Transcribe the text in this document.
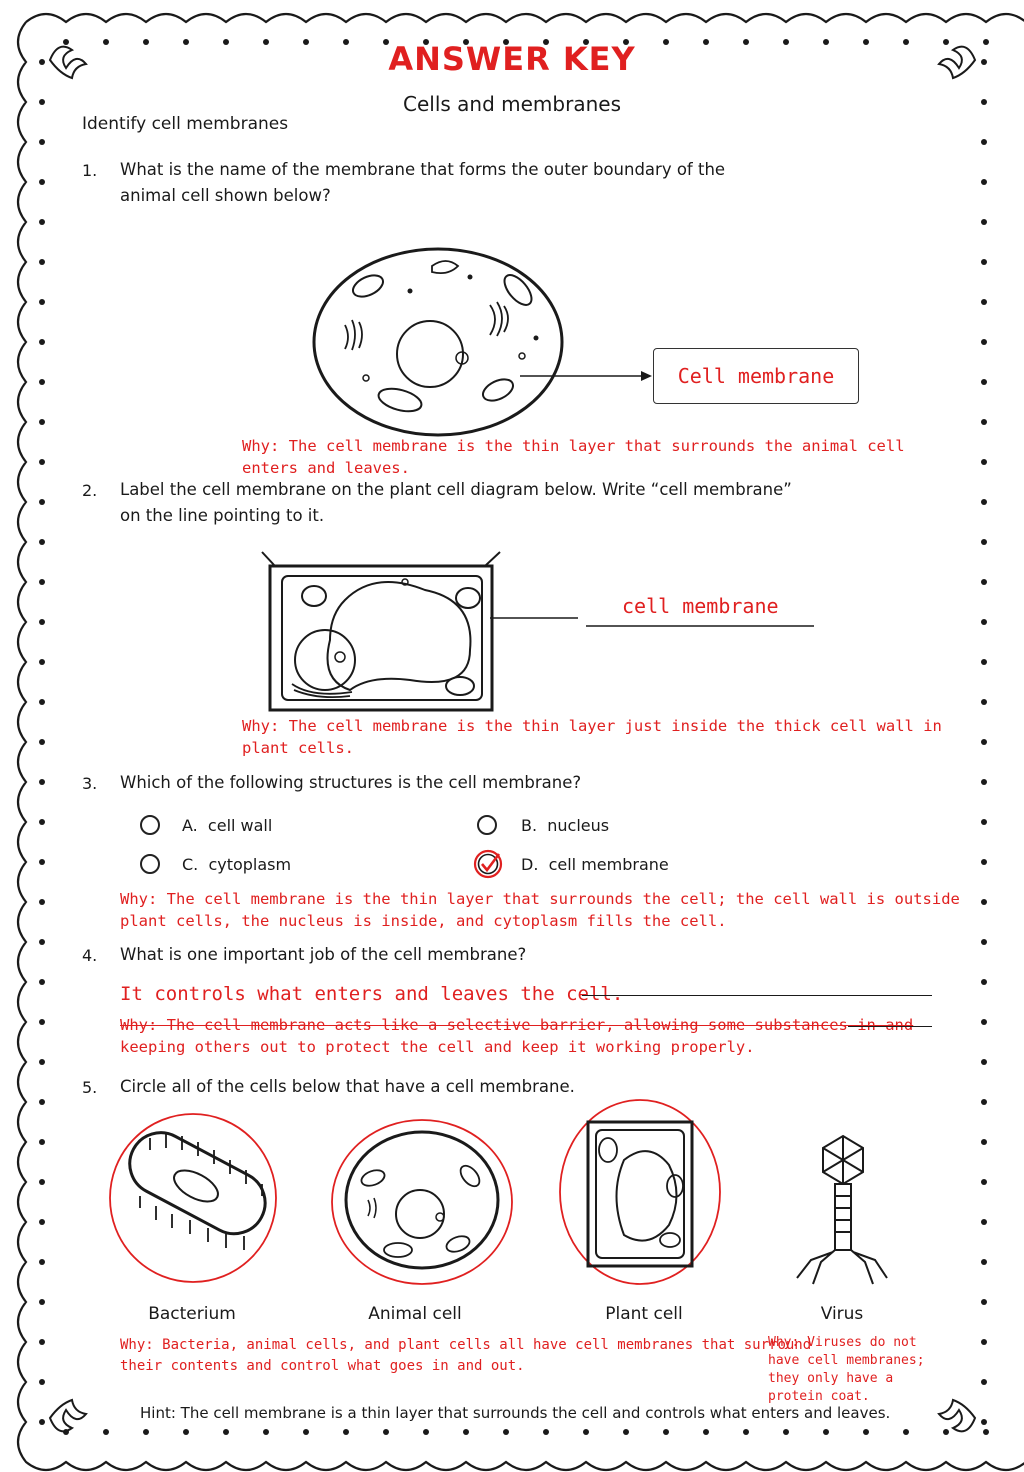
ANSWER KEY
Cells and membranes
Identify cell membranes
1. What is the name of the membrane that forms the outer boundary of the
animal cell shown below?
Cell membrane
Why: The cell membrane is the thin layer that surrounds the animal cell
enters and leaves.
2. Label the cell membrane on the plant cell diagram below. Write “cell membrane”
on the line pointing to it.
cell membrane
Why: The cell membrane is the thin layer just inside the thick cell wall in
plant cells.
3. Which of the following structures is the cell membrane?
A. cell wall	B. nucleus
C. cytoplasm	D. cell membrane
Why: The cell membrane is the thin layer that surrounds the cell; the cell wall is outside
plant cells, the nucleus is inside, and cytoplasm fills the cell.
4. What is one important job of the cell membrane?
It controls what enters and leaves the cell.
Why: The cell membrane acts like a selective barrier, allowing some substances in and
keeping others out to protect the cell and keep it working properly.
5. Circle all of the cells below that have a cell membrane.
Bacterium	Animal cell	Plant cell	Virus
Why: Bacteria, animal cells, and plant cells all have cell membranes that surround
their contents and control what goes in and out.
Why: Viruses do not
have cell membranes;
they only have a
protein coat.
Hint: The cell membrane is a thin layer that surrounds the cell and controls what enters and leaves.
